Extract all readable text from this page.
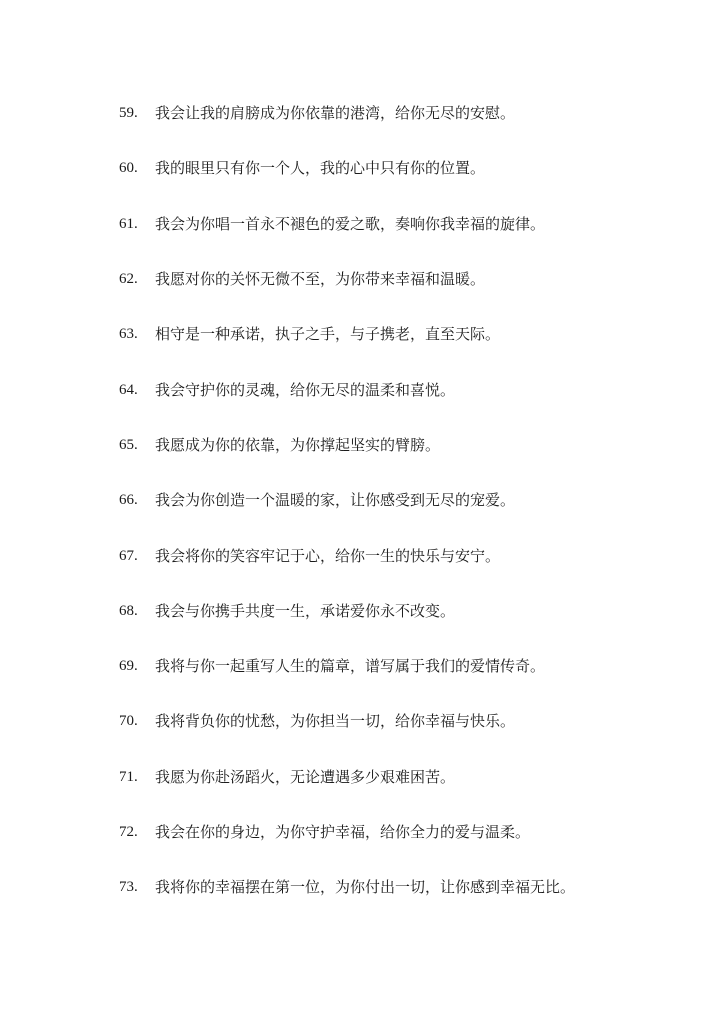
59.	我会让我的肩膀成为你依靠的港湾，给你无尽的安慰。
60.	我的眼里只有你一个人，我的心中只有你的位置。
61.	我会为你唱一首永不褪色的爱之歌，奏响你我幸福的旋律。
62.	我愿对你的关怀无微不至，为你带来幸福和温暖。
63.	相守是一种承诺，执子之手，与子携老，直至天际。
64.	我会守护你的灵魂，给你无尽的温柔和喜悦。
65.	我愿成为你的依靠，为你撑起坚实的臂膀。
66.	我会为你创造一个温暖的家，让你感受到无尽的宠爱。
67.	我会将你的笑容牢记于心，给你一生的快乐与安宁。
68.	我会与你携手共度一生，承诺爱你永不改变。
69.	我将与你一起重写人生的篇章，谱写属于我们的爱情传奇。
70.	我将背负你的忧愁，为你担当一切，给你幸福与快乐。
71.	我愿为你赴汤蹈火，无论遭遇多少艰难困苦。
72.	我会在你的身边，为你守护幸福，给你全力的爱与温柔。
73.	我将你的幸福摆在第一位，为你付出一切，让你感到幸福无比。
